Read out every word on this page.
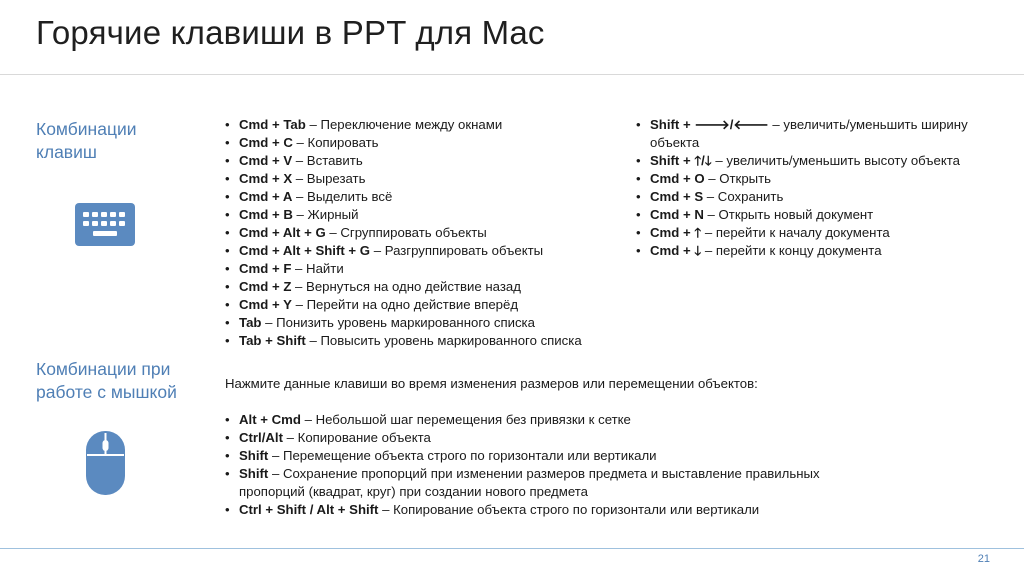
Горячие клавиши в PPT для Mac
Комбинации клавиш
Комбинации при работе с мышкой
• Cmd + Tab – Переключение между окнами
• Cmd + C – Копировать
• Cmd + V – Вставить
• Cmd + X – Вырезать
• Cmd + A – Выделить всё
• Cmd + B – Жирный
• Cmd + Alt + G – Сгруппировать объекты
• Cmd + Alt + Shift + G – Разгруппировать объекты
• Cmd + F – Найти
• Cmd + Z – Вернуться на одно действие назад
• Cmd + Y – Перейти на одно действие вперёд
• Tab – Понизить уровень маркированного списка
• Tab + Shift – Повысить уровень маркированного списка
• Shift + 🡒/🡐 – увеличить/уменьшить ширину объекта
• Shift + 🡑/🡓 – увеличить/уменьшить высоту объекта
• Cmd + O – Открыть
• Cmd + S – Сохранить
• Cmd + N – Открыть новый документ
• Cmd + 🡑 – перейти к началу документа
• Cmd + 🡓 – перейти к концу документа
Нажмите данные клавиши во время изменения размеров или перемещении объектов:
• Alt + Cmd – Небольшой шаг перемещения без привязки к сетке
• Ctrl/Alt – Копирование объекта
• Shift – Перемещение объекта строго по горизонтали или вертикали
• Shift – Сохранение пропорций при изменении размеров предмета и выставление правильных пропорций (квадрат, круг) при создании нового предмета
• Ctrl + Shift / Alt + Shift – Копирование объекта строго по горизонтали или вертикали
21
